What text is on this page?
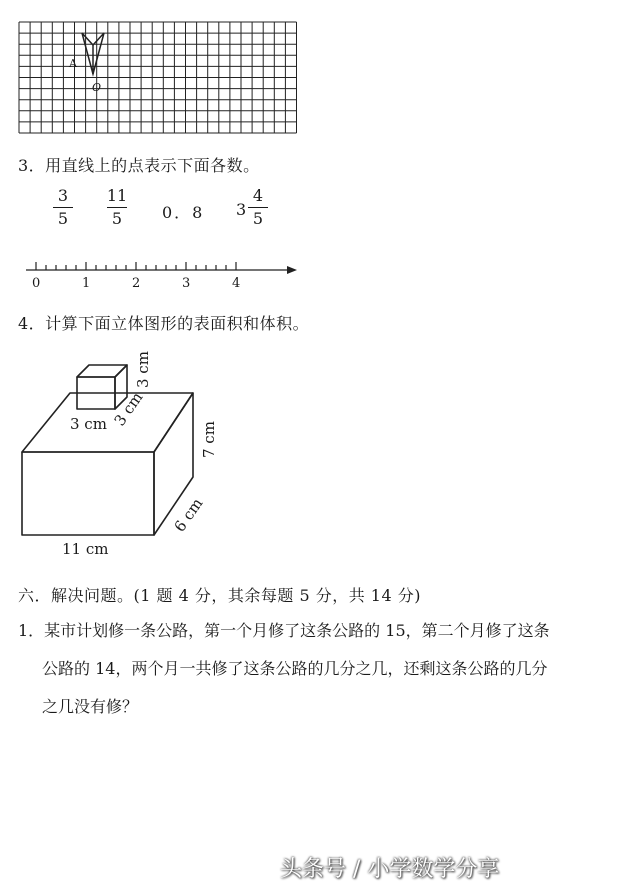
A
O
3．用直线上的点表示下面各数。
3
5
11
5	0．8 3
4
5
0	1	2	3	4
4．计算下面立体图形的表面积和体积。
3 cm
3 cm 3 cm
7 cm
6 cm
11 cm
六．解决问题。(1 题 4 分，其余每题 5 分，共 14 分)
1．某市计划修一条公路，第一个月修了这条公路的 15，第二个月修了这条
公路的 14，两个月一共修了这条公路的几分之几，还剩这条公路的几分
之几没有修？
头条号 / 小学数学分享
